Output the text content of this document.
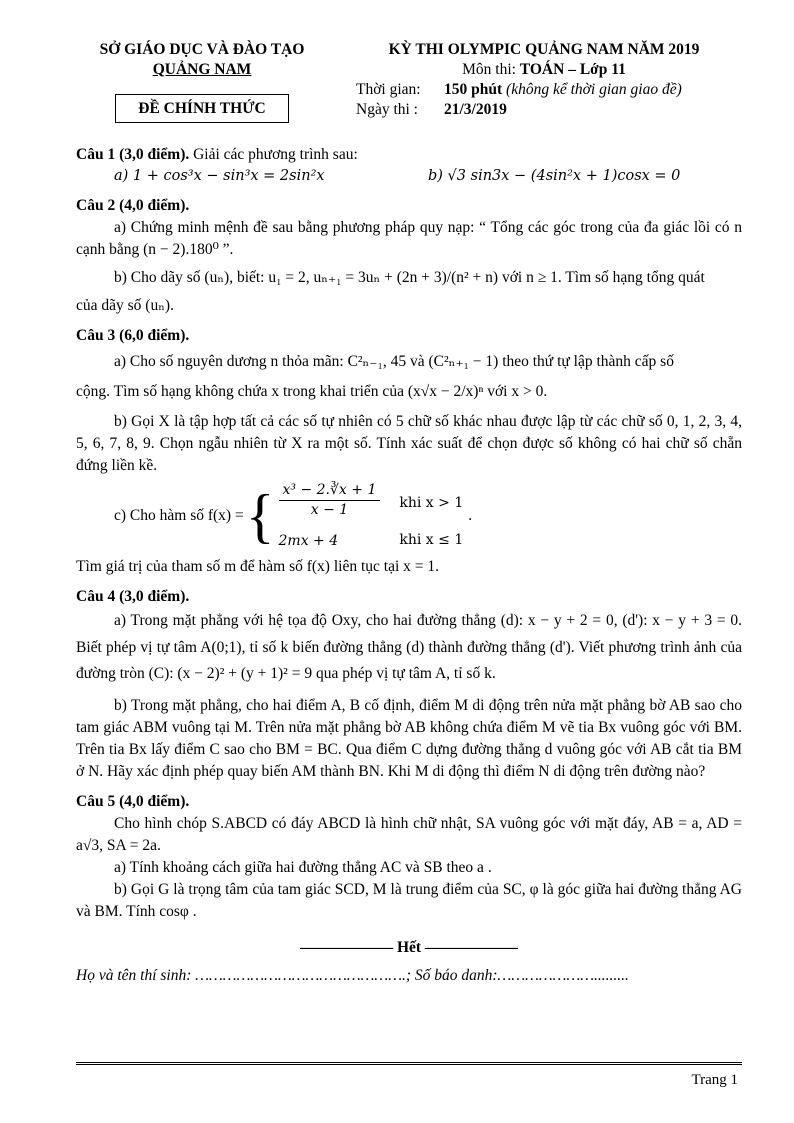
SỞ GIÁO DỤC VÀ ĐÀO TẠO
QUẢNG NAM
ĐỀ CHÍNH THỨC
KỲ THI OLYMPIC QUẢNG NAM NĂM 2019
Môn thi: TOÁN – Lớp 11
Thời gian: 150 phút (không kể thời gian giao đề)
Ngày thi : 21/3/2019
Câu 1 (3,0 điểm). Giải các phương trình sau:
a) 1 + cos³x − sin³x = 2sin²x	b) √3 sin3x − (4sin²x + 1)cosx = 0
Câu 2 (4,0 điểm).
a) Chứng minh mệnh đề sau bằng phương pháp quy nạp: “ Tổng các góc trong của đa giác lồi có n cạnh bằng (n − 2).180⁰ ”.
b) Cho dãy số (uₙ), biết: u₁ = 2, uₙ₊₁ = 3uₙ + (2n + 3)/(n² + n) với n ≥ 1. Tìm số hạng tổng quát
của dãy số (uₙ).
Câu 3 (6,0 điểm).
a) Cho số nguyên dương n thỏa mãn: C²ₙ₋₁, 45 và (C²ₙ₊₁ − 1) theo thứ tự lập thành cấp số
cộng. Tìm số hạng không chứa x trong khai triển của (x√x − 2/x)ⁿ với x > 0.
b) Gọi X là tập hợp tất cả các số tự nhiên có 5 chữ số khác nhau được lập từ các chữ số 0, 1, 2, 3, 4, 5, 6, 7, 8, 9. Chọn ngẫu nhiên từ X ra một số. Tính xác suất để chọn được số không có hai chữ số chẵn đứng liền kề.
c) Cho hàm số f(x) = { $\frac{\text{x³ − 2.∛x + 1}}{x - 1}$	khi x > 1
2mx + 4	khi x ≤ 1
.
Tìm giá trị của tham số m để hàm số f(x) liên tục tại x = 1.
Câu 4 (3,0 điểm).
a) Trong mặt phẳng với hệ tọa độ Oxy, cho hai đường thẳng (d): x − y + 2 = 0, (d'): x − y + 3 = 0. Biết phép vị tự tâm A(0;1), tỉ số k biến đường thẳng (d) thành đường thẳng (d'). Viết phương trình ảnh của đường tròn (C): (x − 2)² + (y + 1)² = 9 qua phép vị tự tâm A, tỉ số k.
b) Trong mặt phẳng, cho hai điểm A, B cố định, điểm M di động trên nửa mặt phẳng bờ AB sao cho tam giác ABM vuông tại M. Trên nửa mặt phẳng bờ AB không chứa điểm M vẽ tia Bx vuông góc với BM. Trên tia Bx lấy điểm C sao cho BM = BC. Qua điểm C dựng đường thẳng d vuông góc với AB cắt tia BM ở N. Hãy xác định phép quay biến AM thành BN. Khi M di động thì điểm N di động trên đường nào?
Câu 5 (4,0 điểm).
Cho hình chóp S.ABCD có đáy ABCD là hình chữ nhật, SA vuông góc với mặt đáy, AB = a, AD = a√3, SA = 2a.
a) Tính khoảng cách giữa hai đường thẳng AC và SB theo a .
b) Gọi G là trọng tâm của tam giác SCD, M là trung điểm của SC, φ là góc giữa hai đường thẳng AG và BM. Tính cosφ .
—————— Hết ——————
Họ và tên thí sinh: ……………………………………….; Số báo danh:………………….........
Trang 1
